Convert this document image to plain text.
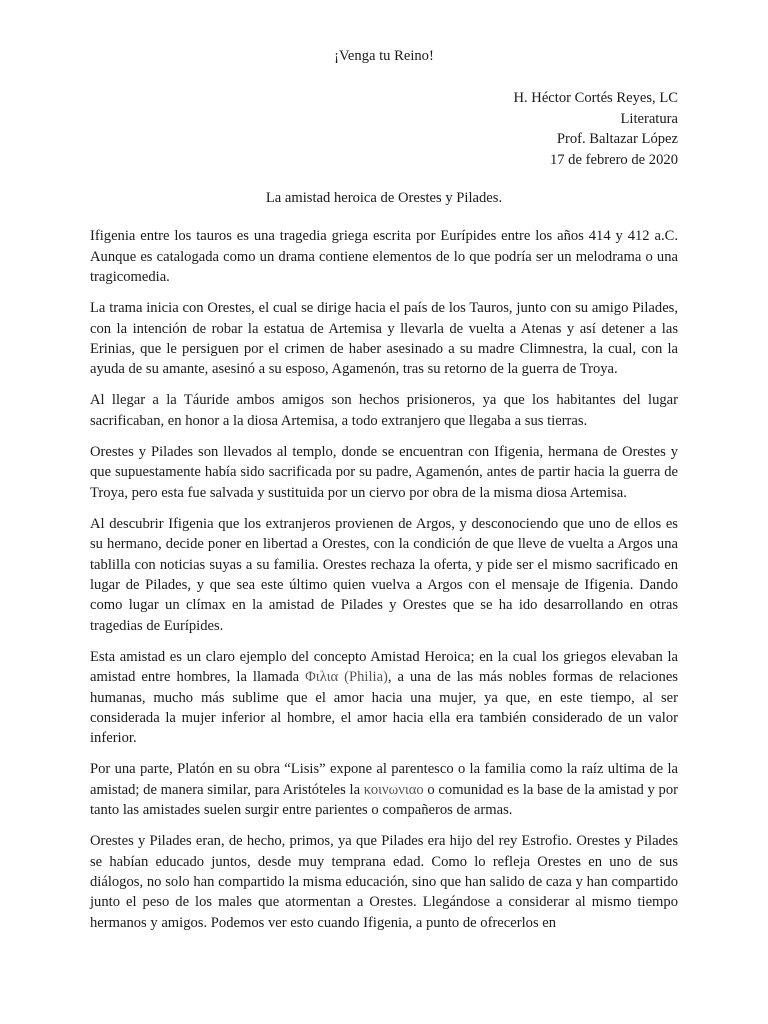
¡Venga tu Reino!
H. Héctor Cortés Reyes, LC
Literatura
Prof. Baltazar López
17 de febrero de 2020
La amistad heroica de Orestes y Pilades.

Ifigenia entre los tauros es una tragedia griega escrita por Eurípides entre los años 414 y 412 a.C. Aunque es catalogada como un drama contiene elementos de lo que podría ser un melodrama o una tragicomedia.

La trama inicia con Orestes, el cual se dirige hacia el país de los Tauros, junto con su amigo Pilades, con la intención de robar la estatua de Artemisa y llevarla de vuelta a Atenas y así detener a las Erinias, que le persiguen por el crimen de haber asesinado a su madre Climnestra, la cual, con la ayuda de su amante, asesinó a su esposo, Agamenón, tras su retorno de la guerra de Troya.

Al llegar a la Táuride ambos amigos son hechos prisioneros, ya que los habitantes del lugar sacrificaban, en honor a la diosa Artemisa, a todo extranjero que llegaba a sus tierras.

Orestes y Pilades son llevados al templo, donde se encuentran con Ifigenia, hermana de Orestes y que supuestamente había sido sacrificada por su padre, Agamenón, antes de partir hacia la guerra de Troya, pero esta fue salvada y sustituida por un ciervo por obra de la misma diosa Artemisa.

Al descubrir Ifigenia que los extranjeros provienen de Argos, y desconociendo que uno de ellos es su hermano, decide poner en libertad a Orestes, con la condición de que lleve de vuelta a Argos una tablilla con noticias suyas a su familia. Orestes rechaza la oferta, y pide ser el mismo sacrificado en lugar de Pilades, y que sea este último quien vuelva a Argos con el mensaje de Ifigenia. Dando como lugar un clímax en la amistad de Pilades y Orestes que se ha ido desarrollando en otras tragedias de Eurípides.

Esta amistad es un claro ejemplo del concepto Amistad Heroica; en la cual los griegos elevaban la amistad entre hombres, la llamada Φιλια (Philia), a una de las más nobles formas de relaciones humanas, mucho más sublime que el amor hacia una mujer, ya que, en este tiempo, al ser considerada la mujer inferior al hombre, el amor hacia ella era también considerado de un valor inferior.

Por una parte, Platón en su obra “Lisis” expone al parentesco o la familia como la raíz ultima de la amistad; de manera similar, para Aristóteles la κοινωνιαο o comunidad es la base de la amistad y por tanto las amistades suelen surgir entre parientes o compañeros de armas.

Orestes y Pilades eran, de hecho, primos, ya que Pilades era hijo del rey Estrofio. Orestes y Pilades se habían educado juntos, desde muy temprana edad. Como lo refleja Orestes en uno de sus diálogos, no solo han compartido la misma educación, sino que han salido de caza y han compartido junto el peso de los males que atormentan a Orestes. Llegándose a considerar al mismo tiempo hermanos y amigos. Podemos ver esto cuando Ifigenia, a punto de ofrecerlos en
